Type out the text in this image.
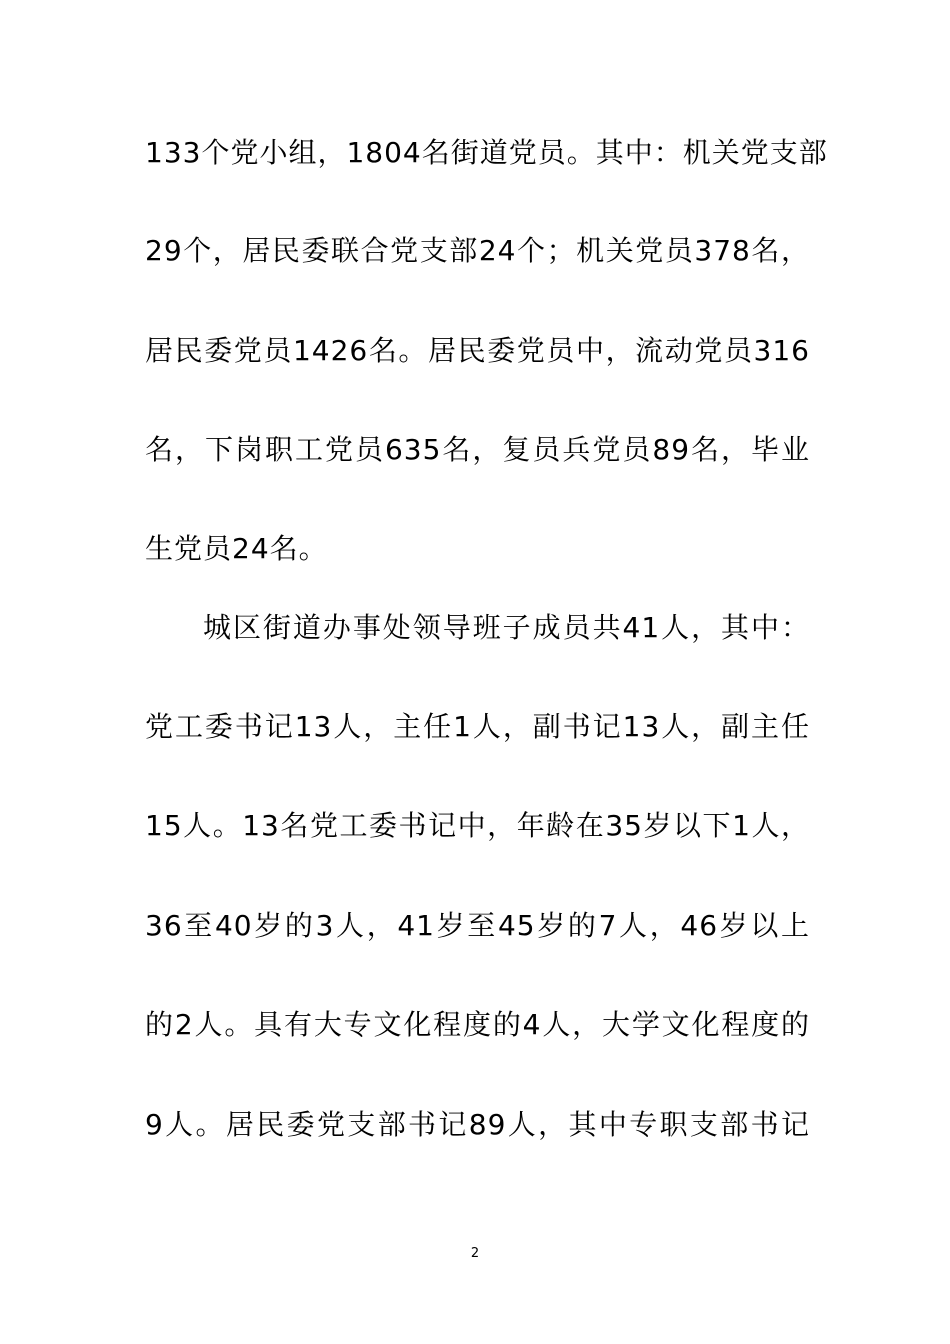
133个党小组，1804名街道党员。其中：机关党支部
29个，居民委联合党支部24个；机关党员378名，
居民委党员1426名。居民委党员中，流动党员316
名，下岗职工党员635名，复员兵党员89名，毕业
生党员24名。
城区街道办事处领导班子成员共41人，其中：
党工委书记13人，主任1人，副书记13人，副主任
15人。13名党工委书记中，年龄在35岁以下1人，
36至40岁的3人，41岁至45岁的7人，46岁以上
的2人。具有大专文化程度的4人，大学文化程度的
9人。居民委党支部书记89人，其中专职支部书记
2
